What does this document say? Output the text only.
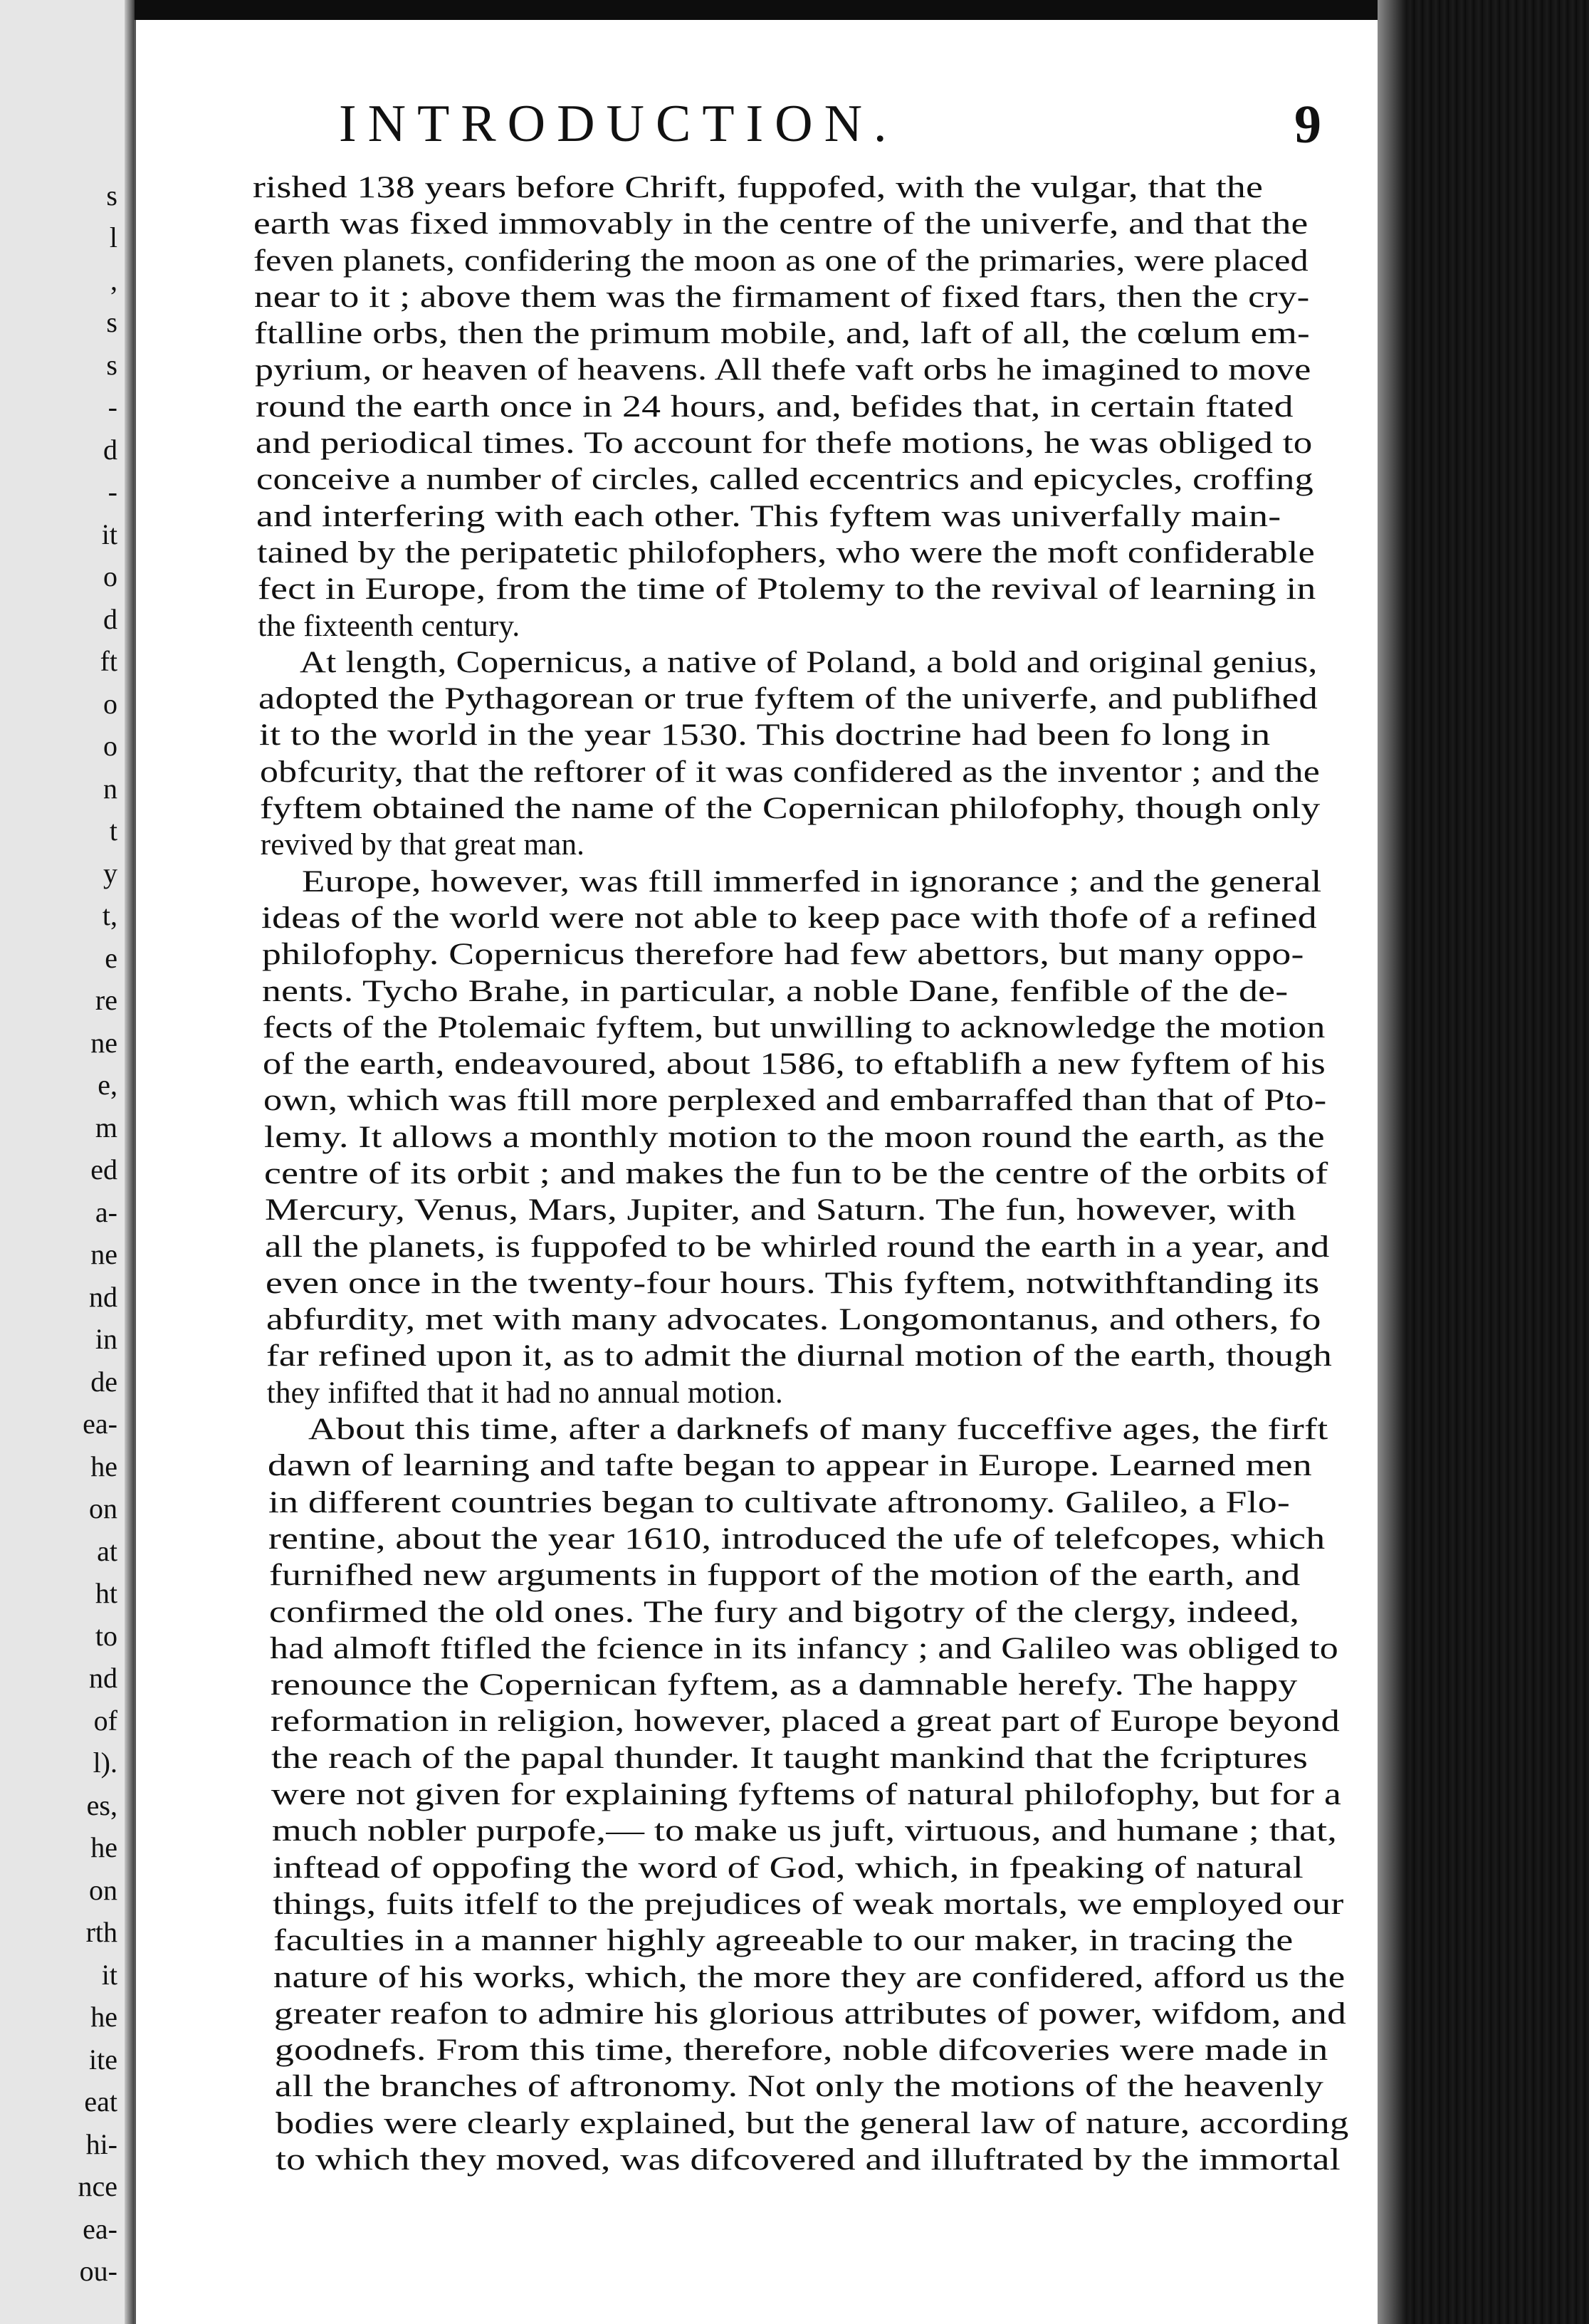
s
l
,
s
s
-
d
-
it
o
d
ft
o
o
n
t
y
t,
e
re
ne
e,
m
ed
a-
ne
nd
in
de
ea-
he
on
at
ht
to
nd
of
l).
es,
he
on
rth
it
he
ite
eat
hi-
nce
ea-
ou-
INTRODUCTION.	9
rished 138 years before Chrift, fuppofed, with the vulgar, that the
earth was fixed immovably in the centre of the univerfe, and that the
feven planets, confidering the moon as one of the primaries, were placed
near to it ; above them was the firmament of fixed ftars, then the cry-
ftalline orbs, then the primum mobile, and, laft of all, the cœlum em-
pyrium, or heaven of heavens. All thefe vaft orbs he imagined to move
round the earth once in 24 hours, and, befides that, in certain ftated
and periodical times. To account for thefe motions, he was obliged to
conceive a number of circles, called eccentrics and epicycles, croffing
and interfering with each other. This fyftem was univerfally main-
tained by the peripatetic philofophers, who were the moft confiderable
fect in Europe, from the time of Ptolemy to the revival of learning in
the fixteenth century.
At length, Copernicus, a native of Poland, a bold and original genius,
adopted the Pythagorean or true fyftem of the univerfe, and publifhed
it to the world in the year 1530. This doctrine had been fo long in
obfcurity, that the reftorer of it was confidered as the inventor ; and the
fyftem obtained the name of the Copernican philofophy, though only
revived by that great man.
Europe, however, was ftill immerfed in ignorance ; and the general
ideas of the world were not able to keep pace with thofe of a refined
philofophy. Copernicus therefore had few abettors, but many oppo-
nents. Tycho Brahe, in particular, a noble Dane, fenfible of the de-
fects of the Ptolemaic fyftem, but unwilling to acknowledge the motion
of the earth, endeavoured, about 1586, to eftablifh a new fyftem of his
own, which was ftill more perplexed and embarraffed than that of Pto-
lemy. It allows a monthly motion to the moon round the earth, as the
centre of its orbit ; and makes the fun to be the centre of the orbits of
Mercury, Venus, Mars, Jupiter, and Saturn. The fun, however, with
all the planets, is fuppofed to be whirled round the earth in a year, and
even once in the twenty-four hours. This fyftem, notwithftanding its
abfurdity, met with many advocates. Longomontanus, and others, fo
far refined upon it, as to admit the diurnal motion of the earth, though
they infifted that it had no annual motion.
About this time, after a darknefs of many fucceffive ages, the firft
dawn of learning and tafte began to appear in Europe. Learned men
in different countries began to cultivate aftronomy. Galileo, a Flo-
rentine, about the year 1610, introduced the ufe of telefcopes, which
furnifhed new arguments in fupport of the motion of the earth, and
confirmed the old ones. The fury and bigotry of the clergy, indeed,
had almoft ftifled the fcience in its infancy ; and Galileo was obliged to
renounce the Copernican fyftem, as a damnable herefy. The happy
reformation in religion, however, placed a great part of Europe beyond
the reach of the papal thunder. It taught mankind that the fcriptures
were not given for explaining fyftems of natural philofophy, but for a
much nobler purpofe,— to make us juft, virtuous, and humane ; that,
inftead of oppofing the word of God, which, in fpeaking of natural
things, fuits itfelf to the prejudices of weak mortals, we employed our
faculties in a manner highly agreeable to our maker, in tracing the
nature of his works, which, the more they are confidered, afford us the
greater reafon to admire his glorious attributes of power, wifdom, and
goodnefs. From this time, therefore, noble difcoveries were made in
all the branches of aftronomy. Not only the motions of the heavenly
bodies were clearly explained, but the general law of nature, according
to which they moved, was difcovered and illuftrated by the immortal
